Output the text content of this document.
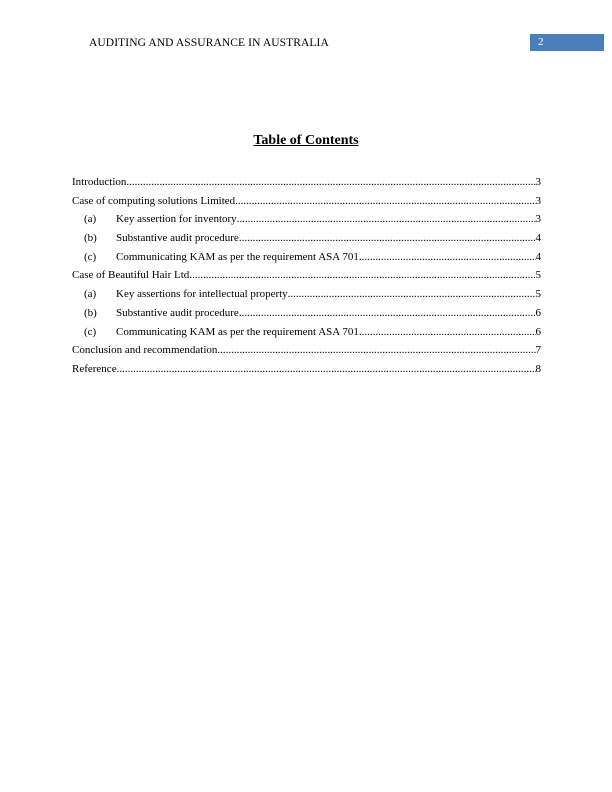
AUDITING AND ASSURANCE IN AUSTRALIA	2
Table of Contents
Introduction .....	3
Case of computing solutions Limited .....	3
(a)	Key assertion for inventory .....	3
(b)	Substantive audit procedure .....	4
(c)	Communicating KAM as per the requirement ASA 701 .....	4
Case of Beautiful Hair Ltd .....	5
(a)	Key assertions for intellectual property .....	5
(b)	Substantive audit procedure .....	6
(c)	Communicating KAM as per the requirement ASA 701 .....	6
Conclusion and recommendation .....	7
Reference .....	8
